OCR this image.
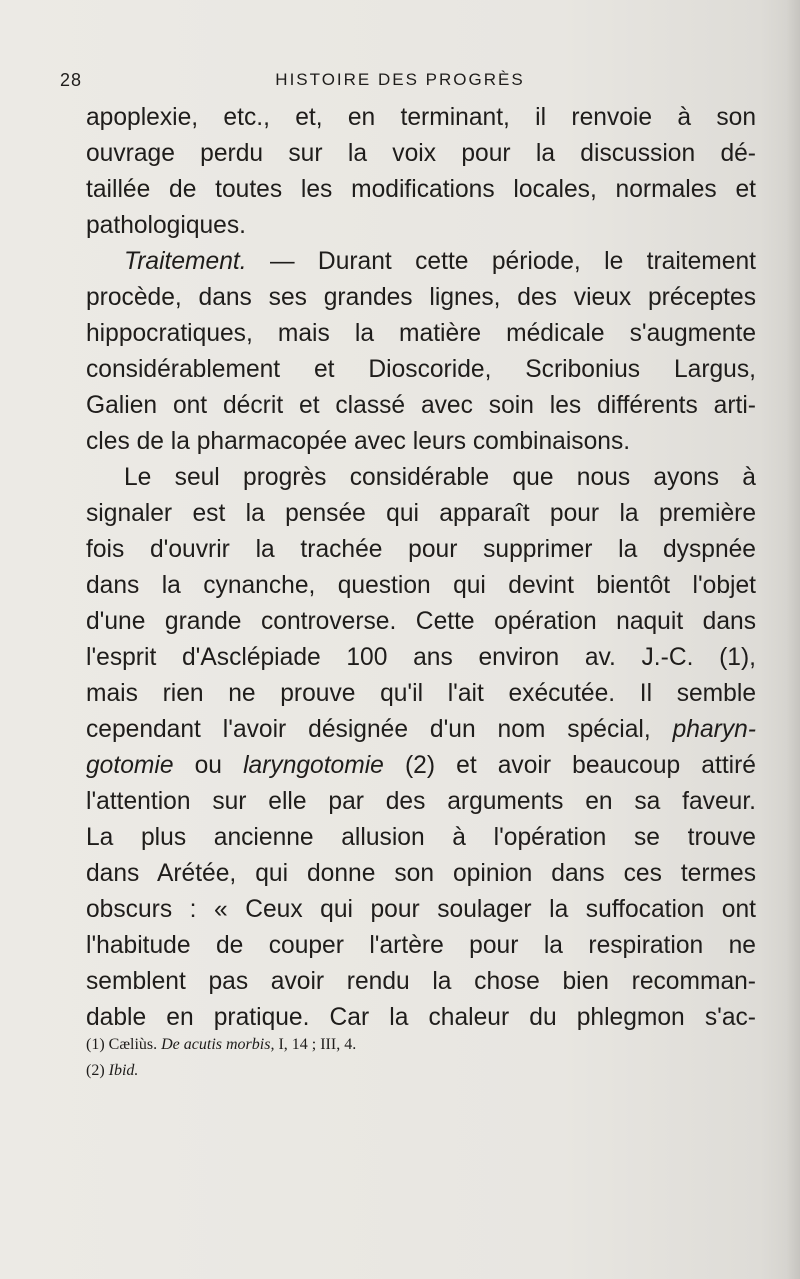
28	HISTOIRE DES PROGRÈS
apoplexie, etc., et, en terminant, il renvoie à son
ouvrage perdu sur la voix pour la discussion dé-
taillée de toutes les modifications locales, normales et
pathologiques.
Traitement. — Durant cette période, le traitement
procède, dans ses grandes lignes, des vieux préceptes
hippocratiques, mais la matière médicale s'augmente
considérablement et Dioscoride, Scribonius Largus,
Galien ont décrit et classé avec soin les différents arti-
cles de la pharmacopée avec leurs combinaisons.
Le seul progrès considérable que nous ayons à
signaler est la pensée qui apparaît pour la première
fois d'ouvrir la trachée pour supprimer la dyspnée
dans la cynanche, question qui devint bientôt l'objet
d'une grande controverse. Cette opération naquit dans
l'esprit d'Asclépiade 100 ans environ av. J.-C. (1),
mais rien ne prouve qu'il l'ait exécutée. Il semble
cependant l'avoir désignée d'un nom spécial, pharyn-
gotomie ou laryngotomie (2) et avoir beaucoup attiré
l'attention sur elle par des arguments en sa faveur.
La plus ancienne allusion à l'opération se trouve
dans Arétée, qui donne son opinion dans ces termes
obscurs : « Ceux qui pour soulager la suffocation ont
l'habitude de couper l'artère pour la respiration ne
semblent pas avoir rendu la chose bien recomman-
dable en pratique. Car la chaleur du phlegmon s'ac-
(1) Cæliùs. De acutis morbis, I, 14 ; III, 4.
(2) Ibid.
